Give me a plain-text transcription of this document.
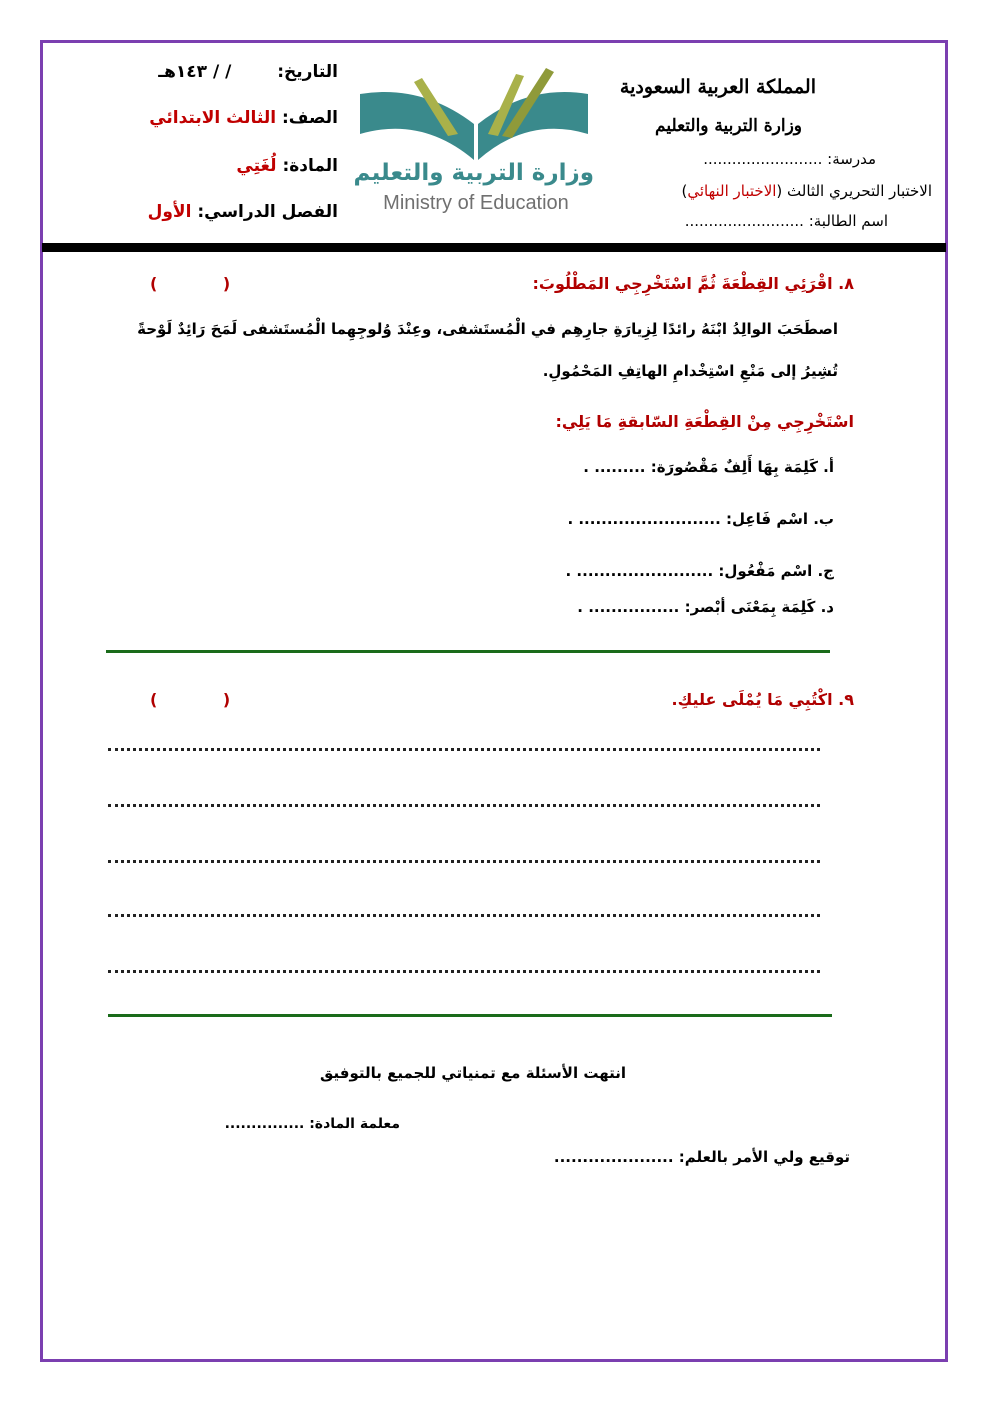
المملكة العربية السعودية
وزارة التربية والتعليم
مدرسة: .........................
الاختبار التحريري الثالث (الاختبار النهائي)
اسم الطالبة: .........................
وزارة التربية والتعليم
Ministry of Education
التاريخ: / / ١٤٣هـ
الصف: الثالث الابتدائي
المادة: لُغَتِي
الفصل الدراسي: الأول
٨. اقْرَئِي القِطْعَةَ ثُمَّ اسْتَخْرِجِي المَطْلُوبَ:
( )
اصطَحَبَ الوالِدُ ابْنَهُ رائدًا لِزِيارَةِ جارِهِم في الْمُستَشفى، وعِنْدَ وُلوجِهِما الْمُستَشفى لَمَحَ رَائِدٌ لَوْحةً
تُشِيرُ إلى مَنْعِ اسْتِخْدامِ الهاتِفِ المَحْمُولِ.
اسْتَخْرِجِي مِنْ القِطْعَةِ السّابقةِ مَا يَلِي:
أ. كَلِمَة بِهَا أَلِفٌ مَقْصُورَة: ......... .
ب. اسْم فَاعِل: ......................... .
ج. اسْم مَفْعُول: ........................ .
د. كَلِمَة بِمَعْنَى أبْصر: ................ .
٩. اكْتُبِي مَا يُمْلَى عليكِ.
( )
انتهت الأسئلة مع تمنياتي للجميع بالتوفيق
معلمة المادة: ...............
توقيع ولي الأمر بالعلم: .....................
